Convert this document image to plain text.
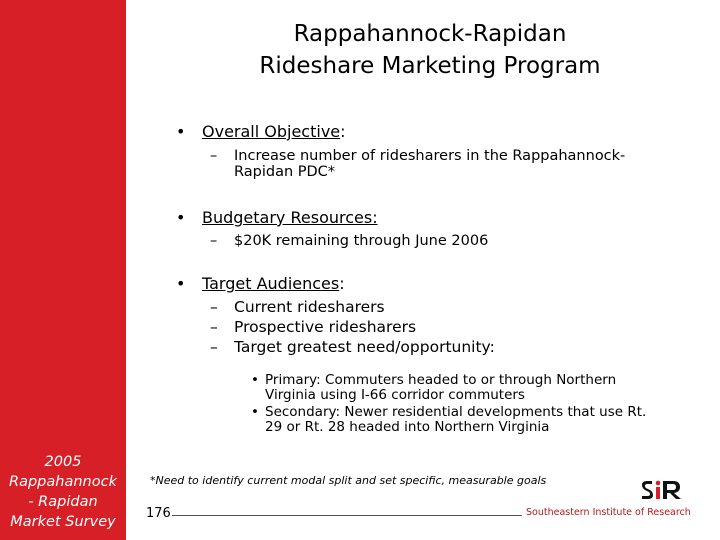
2005
Rappahannock
- Rapidan
Market Survey
Rappahannock-Rapidan
Rideshare Marketing Program
• Overall Objective:
– Increase number of ridesharers in the Rappahannock-
Rapidan PDC*
• Budgetary Resources:
– $20K remaining through June 2006
• Target Audiences:
– Current ridesharers
– Prospective ridesharers
– Target greatest need/opportunity:
• Primary: Commuters headed to or through Northern
Virginia using I-66 corridor commuters
• Secondary: Newer residential developments that use Rt.
29 or Rt. 28 headed into Northern Virginia
*Need to identify current modal split and set specific, measurable goals
176	Southeastern Institute of Research
